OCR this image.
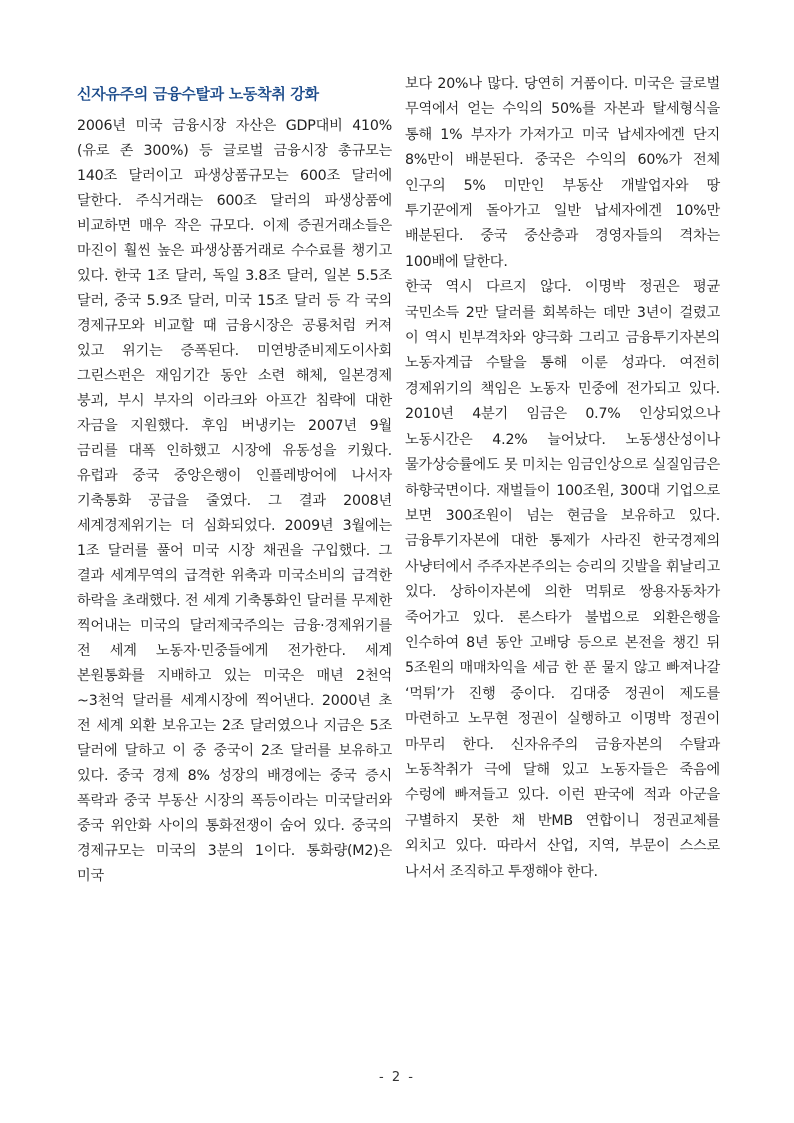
신자유주의 금융수탈과 노동착취 강화

2006년 미국 금융시장 자산은 GDP대비 410%(유로 존 300%) 등 글로벌 금융시장 총규모는 140조 달러이고 파생상품규모는 600조 달러에 달한다. 주식거래는 600조 달러의 파생상품에 비교하면 매우 작은 규모다. 이제 증권거래소들은 마진이 훨씬 높은 파생상품거래로 수수료를 챙기고 있다. 한국 1조 달러, 독일 3.8조 달러, 일본 5.5조 달러, 중국 5.9조 달러, 미국 15조 달러 등 각 국의 경제규모와 비교할 때 금융시장은 공룡처럼 커져 있고 위기는 증폭된다. 미연방준비제도이사회 그린스펀은 재임기간 동안 소련 해체, 일본경제 붕괴, 부시 부자의 이라크와 아프간 침략에 대한 자금을 지원했다. 후임 버냉키는 2007년 9월 금리를 대폭 인하했고 시장에 유동성을 키웠다. 유럽과 중국 중앙은행이 인플레방어에 나서자 기축통화 공급을 줄였다. 그 결과 2008년 세계경제위기는 더 심화되었다. 2009년 3월에는 1조 달러를 풀어 미국 시장 채권을 구입했다. 그 결과 세계무역의 급격한 위축과 미국소비의 급격한 하락을 초래했다. 전 세계 기축통화인 달러를 무제한 찍어내는 미국의 달러제국주의는 금융·경제위기를 전 세계 노동자·민중들에게 전가한다. 세계 본원통화를 지배하고 있는 미국은 매년 2천억~3천억 달러를 세계시장에 찍어낸다. 2000년 초 전 세계 외환 보유고는 2조 달러였으나 지금은 5조 달러에 달하고 이 중 중국이 2조 달러를 보유하고 있다. 중국 경제 8% 성장의 배경에는 중국 증시 폭락과 중국 부동산 시장의 폭등이라는 미국달러와 중국 위안화 사이의 통화전쟁이 숨어 있다. 중국의 경제규모는 미국의 3분의 1이다. 통화량(M2)은 미국

보다 20%나 많다. 당연히 거품이다. 미국은 글로벌 무역에서 얻는 수익의 50%를 자본과 탈세형식을 통해 1% 부자가 가져가고 미국 납세자에겐 단지 8%만이 배분된다. 중국은 수익의 60%가 전체 인구의 5% 미만인 부동산 개발업자와 땅 투기꾼에게 돌아가고 일반 납세자에겐 10%만 배분된다. 중국 중산층과 경영자들의 격차는 100배에 달한다.

한국 역시 다르지 않다. 이명박 정권은 평균 국민소득 2만 달러를 회복하는 데만 3년이 걸렸고 이 역시 빈부격차와 양극화 그리고 금융투기자본의 노동자계급 수탈을 통해 이룬 성과다. 여전히 경제위기의 책임은 노동자 민중에 전가되고 있다. 2010년 4분기 임금은 0.7% 인상되었으나 노동시간은 4.2% 늘어났다. 노동생산성이나 물가상승률에도 못 미치는 임금인상으로 실질임금은 하향국면이다. 재벌들이 100조원, 300대 기업으로 보면 300조원이 넘는 현금을 보유하고 있다. 금융투기자본에 대한 통제가 사라진 한국경제의 사냥터에서 주주자본주의는 승리의 깃발을 휘날리고 있다. 상하이자본에 의한 먹튀로 쌍용자동차가 죽어가고 있다. 론스타가 불법으로 외환은행을 인수하여 8년 동안 고배당 등으로 본전을 챙긴 뒤 5조원의 매매차익을 세금 한 푼 물지 않고 빠져나갈 ‘먹튀’가 진행 중이다. 김대중 정권이 제도를 마련하고 노무현 정권이 실행하고 이명박 정권이 마무리 한다. 신자유주의 금융자본의 수탈과 노동착취가 극에 달해 있고 노동자들은 죽음에 수렁에 빠져들고 있다. 이런 판국에 적과 아군을 구별하지 못한 채 반MB 연합이니 정권교체를 외치고 있다. 따라서 산업, 지역, 부문이 스스로 나서서 조직하고 투쟁해야 한다.

- 2 -
